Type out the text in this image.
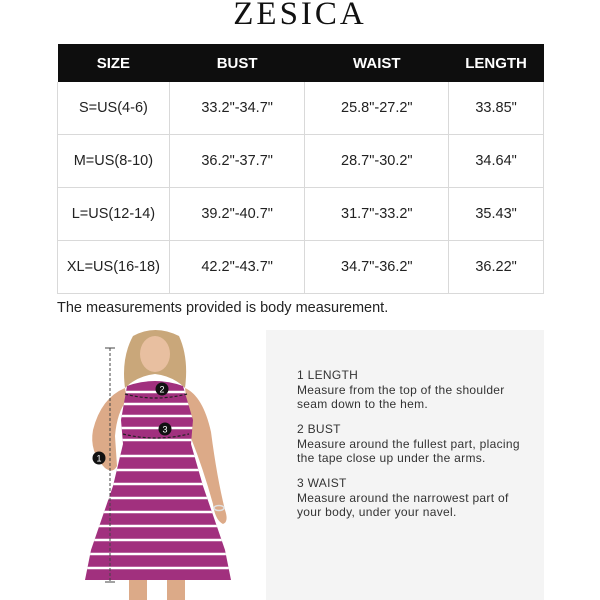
ZESICA
SIZE	BUST	WAIST	LENGTH
S=US(4-6)	33.2"-34.7"	25.8"-27.2"	33.85"
M=US(8-10)	36.2"-37.7"	28.7"-30.2"	34.64"
L=US(12-14)	39.2"-40.7"	31.7"-33.2"	35.43"
XL=US(16-18)	42.2"-43.7"	34.7"-36.2"	36.22"
The measurements provided is body measurement.
1
2
3
1 LENGTH
Measure from the top of the shoulder
seam down to the hem.
2 BUST
Measure around the fullest part, placing
the tape close up under the arms.
3 WAIST
Measure around the narrowest part of
your body, under your navel.
